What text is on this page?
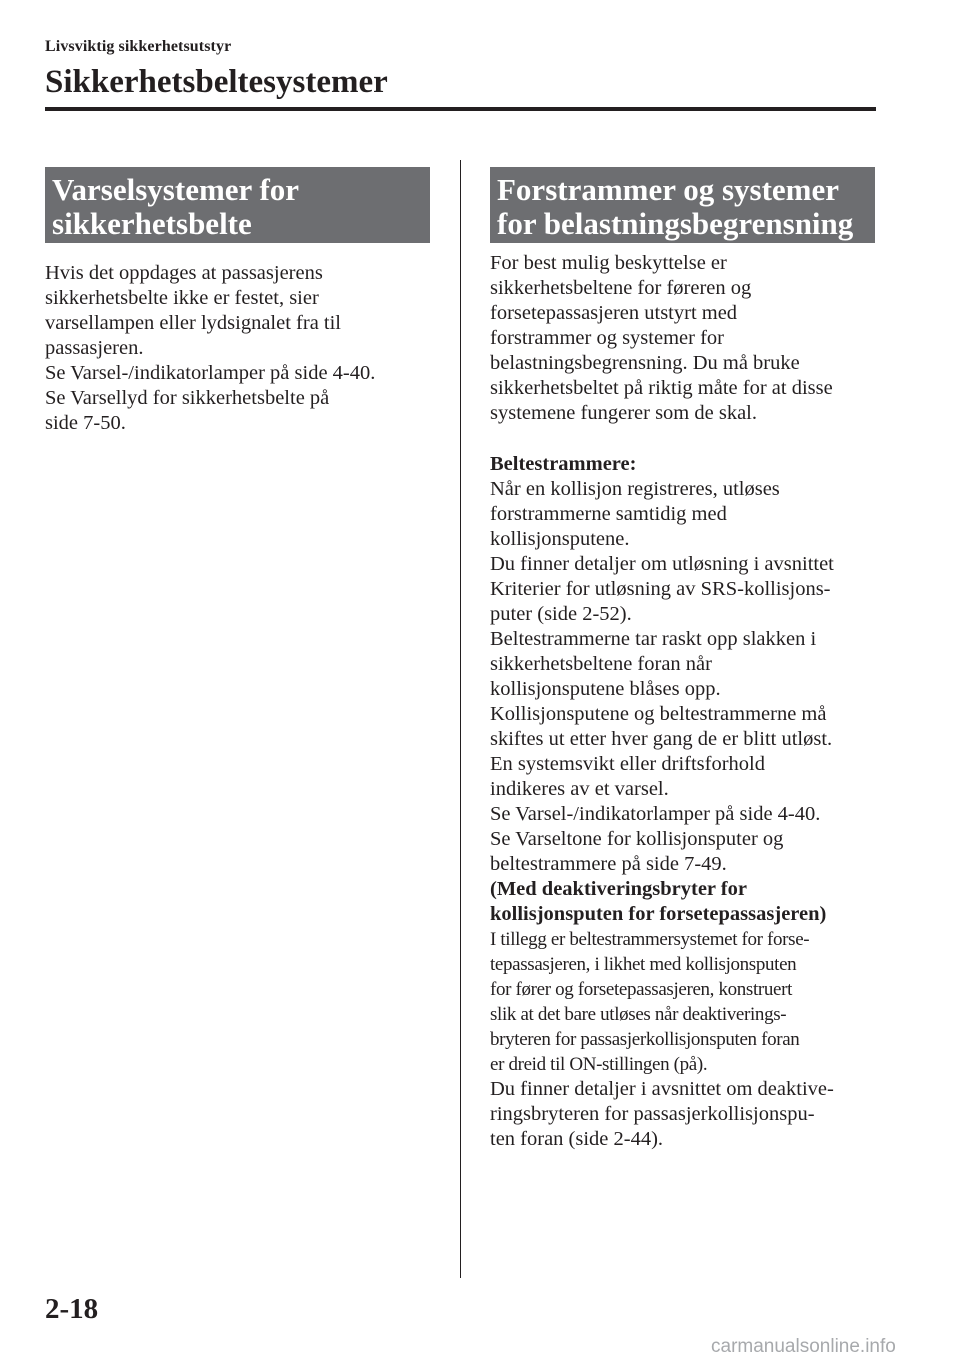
Livsviktig sikkerhetsutstyr
Sikkerhetsbeltesystemer
Varselsystemer for
sikkerhetsbelte
Hvis det oppdages at passasjerens
sikkerhetsbelte ikke er festet, sier
varsellampen eller lydsignalet fra til
passasjeren.
Se Varsel-/indikatorlamper på side 4-40.
Se Varsellyd for sikkerhetsbelte på
side 7-50.
Forstrammer og systemer
for belastningsbegrensning
For best mulig beskyttelse er
sikkerhetsbeltene for føreren og
forsetepassasjeren utstyrt med
forstrammer og systemer for
belastningsbegrensning. Du må bruke
sikkerhetsbeltet på riktig måte for at disse
systemene fungerer som de skal.
Beltestrammere:
Når en kollisjon registreres, utløses
forstrammerne samtidig med
kollisjonsputene.
Du finner detaljer om utløsning i avsnittet
Kriterier for utløsning av SRS-kollisjons-
puter (side 2-52).
Beltestrammerne tar raskt opp slakken i
sikkerhetsbeltene foran når
kollisjonsputene blåses opp.
Kollisjonsputene og beltestrammerne må
skiftes ut etter hver gang de er blitt utløst.
En systemsvikt eller driftsforhold
indikeres av et varsel.
Se Varsel-/indikatorlamper på side 4-40.
Se Varseltone for kollisjonsputer og
beltestrammere på side 7-49.
(Med deaktiveringsbryter for
kollisjonsputen for forsetepassasjeren)
I tillegg er beltestrammersystemet for forse-
tepassasjeren, i likhet med kollisjonsputen
for fører og forsetepassasjeren, konstruert
slik at det bare utløses når deaktiverings-
bryteren for passasjerkollisjonsputen foran
er dreid til ON-stillingen (på).
Du finner detaljer i avsnittet om deaktive-
ringsbryteren for passasjerkollisjonspu-
ten foran (side 2-44).
2-18
carmanualsonline.info
